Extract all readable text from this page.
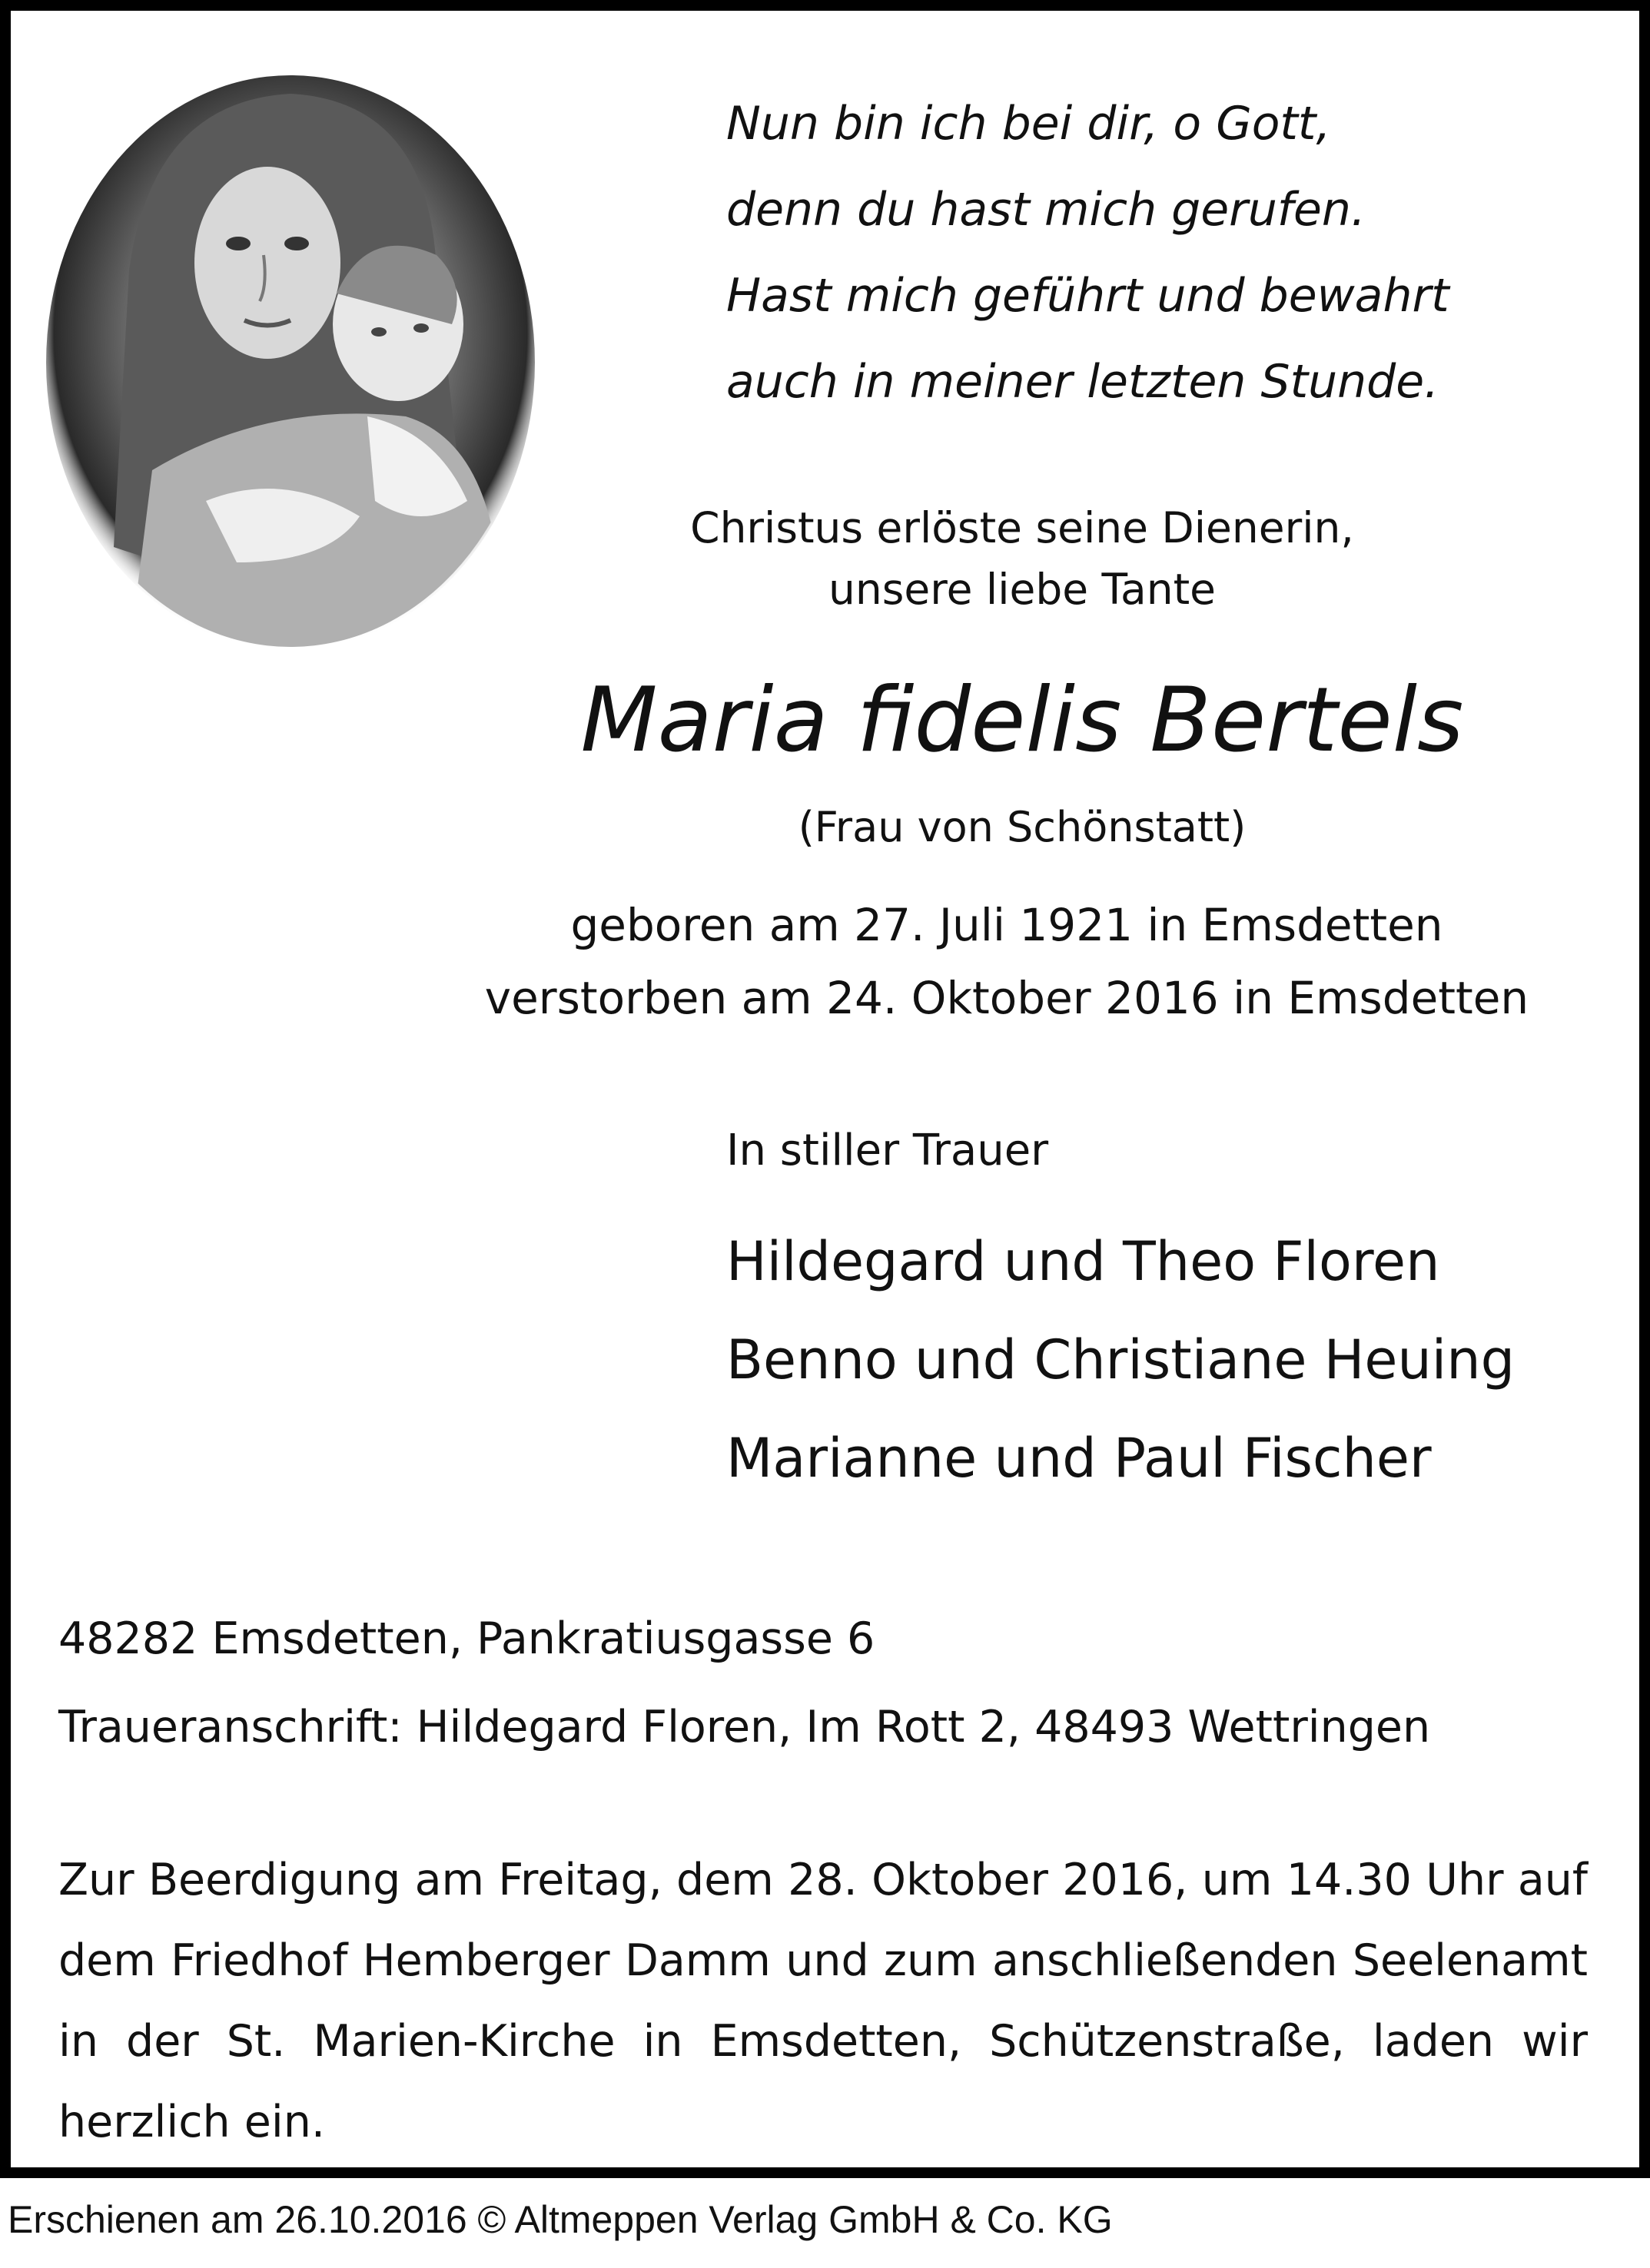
Nun bin ich bei dir, o Gott,
denn du hast mich gerufen.
Hast mich geführt und bewahrt
auch in meiner letzten Stunde.
Christus erlöste seine Dienerin,
unsere liebe Tante
Maria fidelis Bertels
(Frau von Schönstatt)
geboren am 27. Juli 1921 in Emsdetten
verstorben am 24. Oktober 2016 in Emsdetten
In stiller Trauer
Hildegard und Theo Floren
Benno und Christiane Heuing
Marianne und Paul Fischer
48282 Emsdetten, Pankratiusgasse 6
Traueranschrift: Hildegard Floren, Im Rott 2, 48493 Wettringen
Zur Beerdigung am Freitag, dem 28. Oktober 2016, um 14.30 Uhr auf dem Friedhof Hemberger Damm und zum anschließenden Seelenamt in der St. Marien-Kirche in Emsdetten, Schützenstraße, laden wir herzlich ein.
Erschienen am 26.10.2016 © Altmeppen Verlag GmbH & Co. KG
